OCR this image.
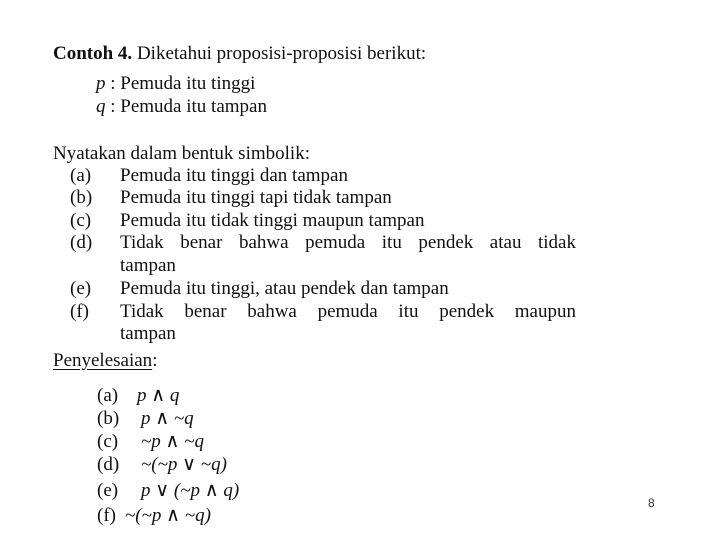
Contoh 4. Diketahui proposisi-proposisi berikut:
p : Pemuda itu tinggi
q : Pemuda itu tampan
Nyatakan dalam bentuk simbolik:
(a)	Pemuda itu tinggi dan tampan
(b)	Pemuda itu tinggi tapi tidak tampan
(c)	Pemuda itu tidak tinggi maupun tampan
(d)	Tidak benar bahwa pemuda itu pendek atau tidak
tampan
(e)	Pemuda itu tinggi, atau pendek dan tampan
(f)	Tidak benar bahwa pemuda itu pendek maupun
tampan
Penyelesaian:
(a) p ∧ q
(b) p ∧ ~q
(c) ~p ∧ ~q
(d) ~(~p ∨ ~q)
(e) p ∨ (~p ∧ q)
(f) ~(~p ∧ ~q)
8
